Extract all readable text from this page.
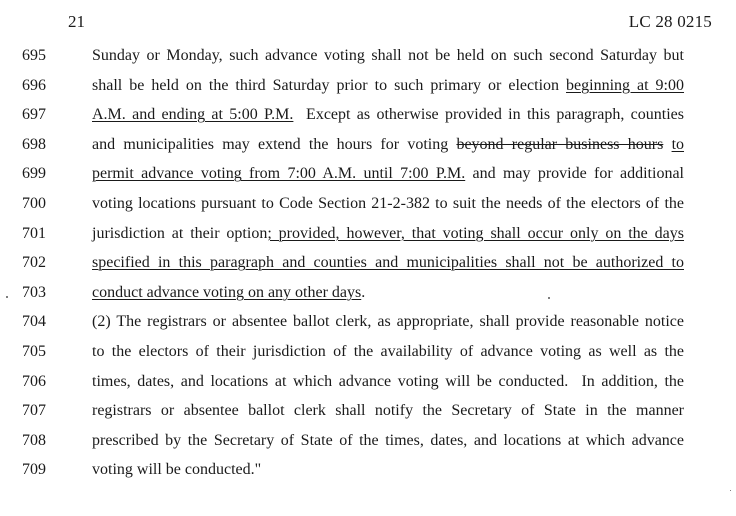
21	LC 28 0215
695	Sunday or Monday, such advance voting shall not be held on such second Saturday but
696	shall be held on the third Saturday prior to such primary or election beginning at 9:00
697	A.M. and ending at 5:00 P.M.  Except as otherwise provided in this paragraph, counties
698	and municipalities may extend the hours for voting beyond regular business hours to
699	permit advance voting from 7:00 A.M. until 7:00 P.M. and may provide for additional
700	voting locations pursuant to Code Section 21-2-382 to suit the needs of the electors of the
701	jurisdiction at their option; provided, however, that voting shall occur only on the days
702	specified in this paragraph and counties and municipalities shall not be authorized to
703	conduct advance voting on any other days.
704	(2) The registrars or absentee ballot clerk, as appropriate, shall provide reasonable notice
705	to the electors of their jurisdiction of the availability of advance voting as well as the
706	times, dates, and locations at which advance voting will be conducted.  In addition, the
707	registrars or absentee ballot clerk shall notify the Secretary of State in the manner
708	prescribed by the Secretary of State of the times, dates, and locations at which advance
709	voting will be conducted."
